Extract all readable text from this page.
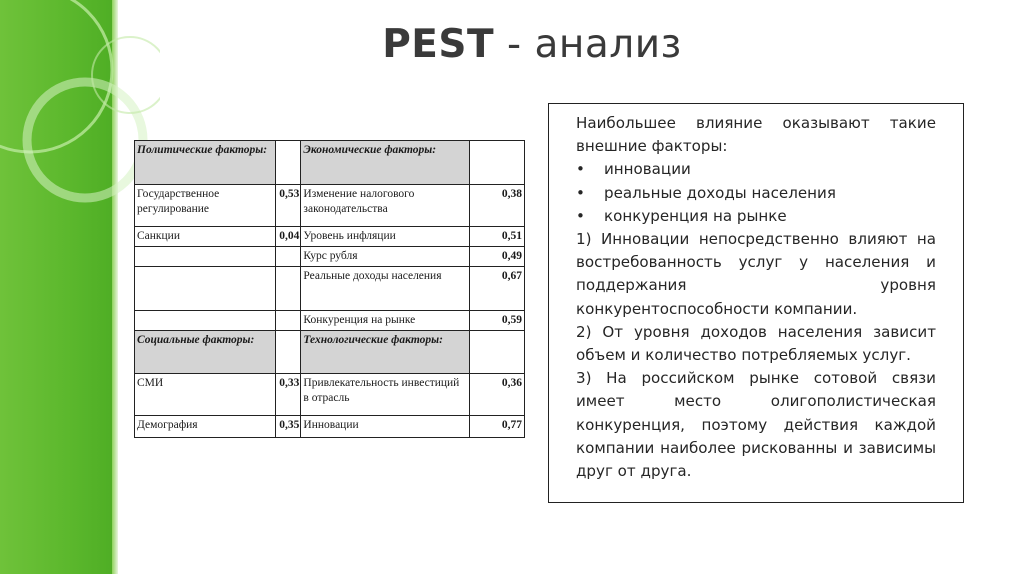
PEST - анализ
Политические факторы:		Экономические факторы:	
Государственное регулирование	0,53	Изменение налогового законодательства	0,38
Санкции	0,04	Уровень инфляции	0,51
		Курс рубля	0,49
		Реальные доходы населения	0,67
		Конкуренция на рынке	0,59
Социальные факторы:		Технологические факторы:	
СМИ	0,33	Привлекательность инвестиций в отрасль	0,36
Демография	0,35	Инновации	0,77

Наибольшее влияние оказывают такие

внешние факторы:

• инновации
• реальные доходы населения
• конкуренция на рынке

1) Инновации непосредственно влияют на востребованность услуг у населения и поддержания уровня конкурентоспособности компании.

2) От уровня доходов населения зависит объем и количество потребляемых услуг.

3) На российском рынке сотовой связи имеет место олигополистическая конкуренция, поэтому действия каждой компании наиболее рискованны и зависимы друг от друга.
